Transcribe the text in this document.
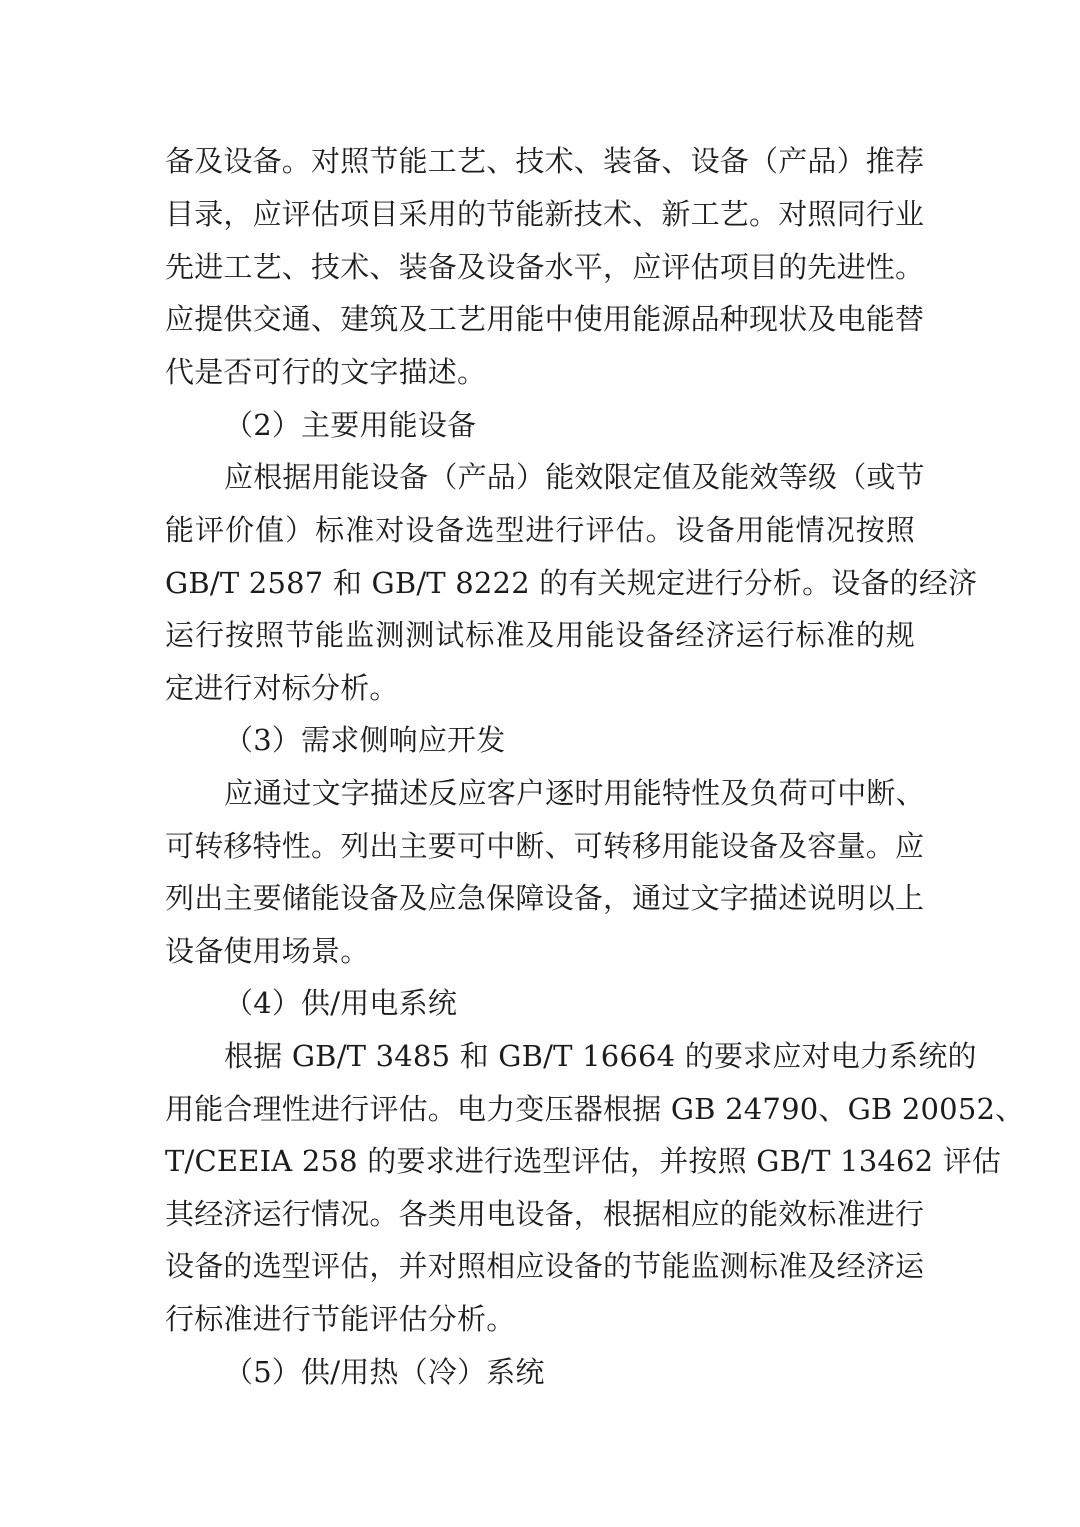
备及设备。对照节能工艺、技术、装备、设备（产品）推荐

目录，应评估项目采用的节能新技术、新工艺。对照同行业

先进工艺、技术、装备及设备水平，应评估项目的先进性。

应提供交通、建筑及工艺用能中使用能源品种现状及电能替

代是否可行的文字描述。

（2）主要用能设备

应根据用能设备（产品）能效限定值及能效等级（或节

能评价值）标准对设备选型进行评估。设备用能情况按照

GB/T 2587 和 GB/T 8222 的有关规定进行分析。设备的经济

运行按照节能监测测试标准及用能设备经济运行标准的规

定进行对标分析。

（3）需求侧响应开发

应通过文字描述反应客户逐时用能特性及负荷可中断、

可转移特性。列出主要可中断、可转移用能设备及容量。应

列出主要储能设备及应急保障设备，通过文字描述说明以上

设备使用场景。

（4）供/用电系统

根据 GB/T 3485 和 GB/T 16664 的要求应对电力系统的

用能合理性进行评估。电力变压器根据 GB 24790、GB 20052、

T/CEEIA 258 的要求进行选型评估，并按照 GB/T 13462 评估

其经济运行情况。各类用电设备，根据相应的能效标准进行

设备的选型评估，并对照相应设备的节能监测标准及经济运

行标准进行节能评估分析。

（5）供/用热（冷）系统
